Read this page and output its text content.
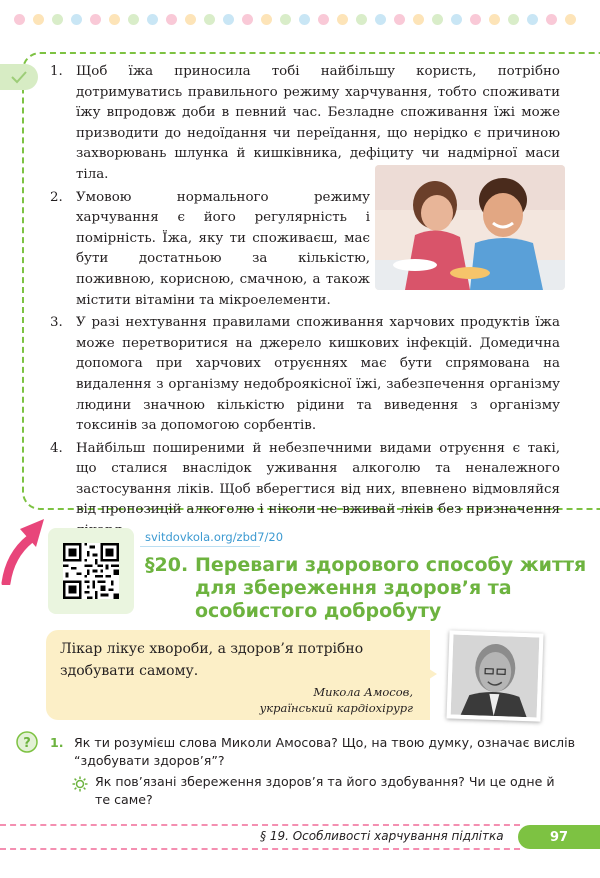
1. Щоб їжа приносила тобі найбільшу користь, потрібно дотримуватись правильного режиму харчування, тобто споживати їжу впродовж доби в певний час. Безладне споживання їжі може призводити до недоїдання чи переїдання, що нерідко є причиною захворювань шлунка й кишківника, дефіциту чи надмірної маси тіла.
2. Умовою нормального режиму харчування є його регулярність і помірність. Їжа, яку ти споживаєш, має бути достатньою за кількістю, поживною, корисною, смачною, а також містити вітаміни та мікроелементи.
3. У разі нехтування правилами споживання харчових продуктів їжа може перетворитися на джерело кишкових інфекцій. Домедична допомога при харчових отруєннях має бути спрямована на видалення з організму недоброякісної їжі, забезпечення організму людини значною кількістю рідини та виведення з організму токсинів за допомогою сорбентів.
4. Найбільш поширеними й небезпечними видами отруєння є такі, що сталися внаслідок уживання алкоголю та неналежного застосування ліків. Щоб вберегтися від них, впевнено відмовляйся від пропозицій алкоголю і ніколи не вживай ліків без призначення
svitdovkola.org/zbd7/20
§20. Переваги здорового способу життя для збереження здоров’я та особистого добробуту
Лікар лікує хвороби, а здоров’я потрібно здобувати самому.
Микола Амосов,
український кардіохірург
? 1. Як ти розумієш слова Миколи Амосова? Що, на твою думку, означає вислів “здобувати здоров’я”?
Як пов’язані збереження здоров’я та його здобування? Чи це одне й те саме?
§ 19. Особливості харчування підлітка	97
